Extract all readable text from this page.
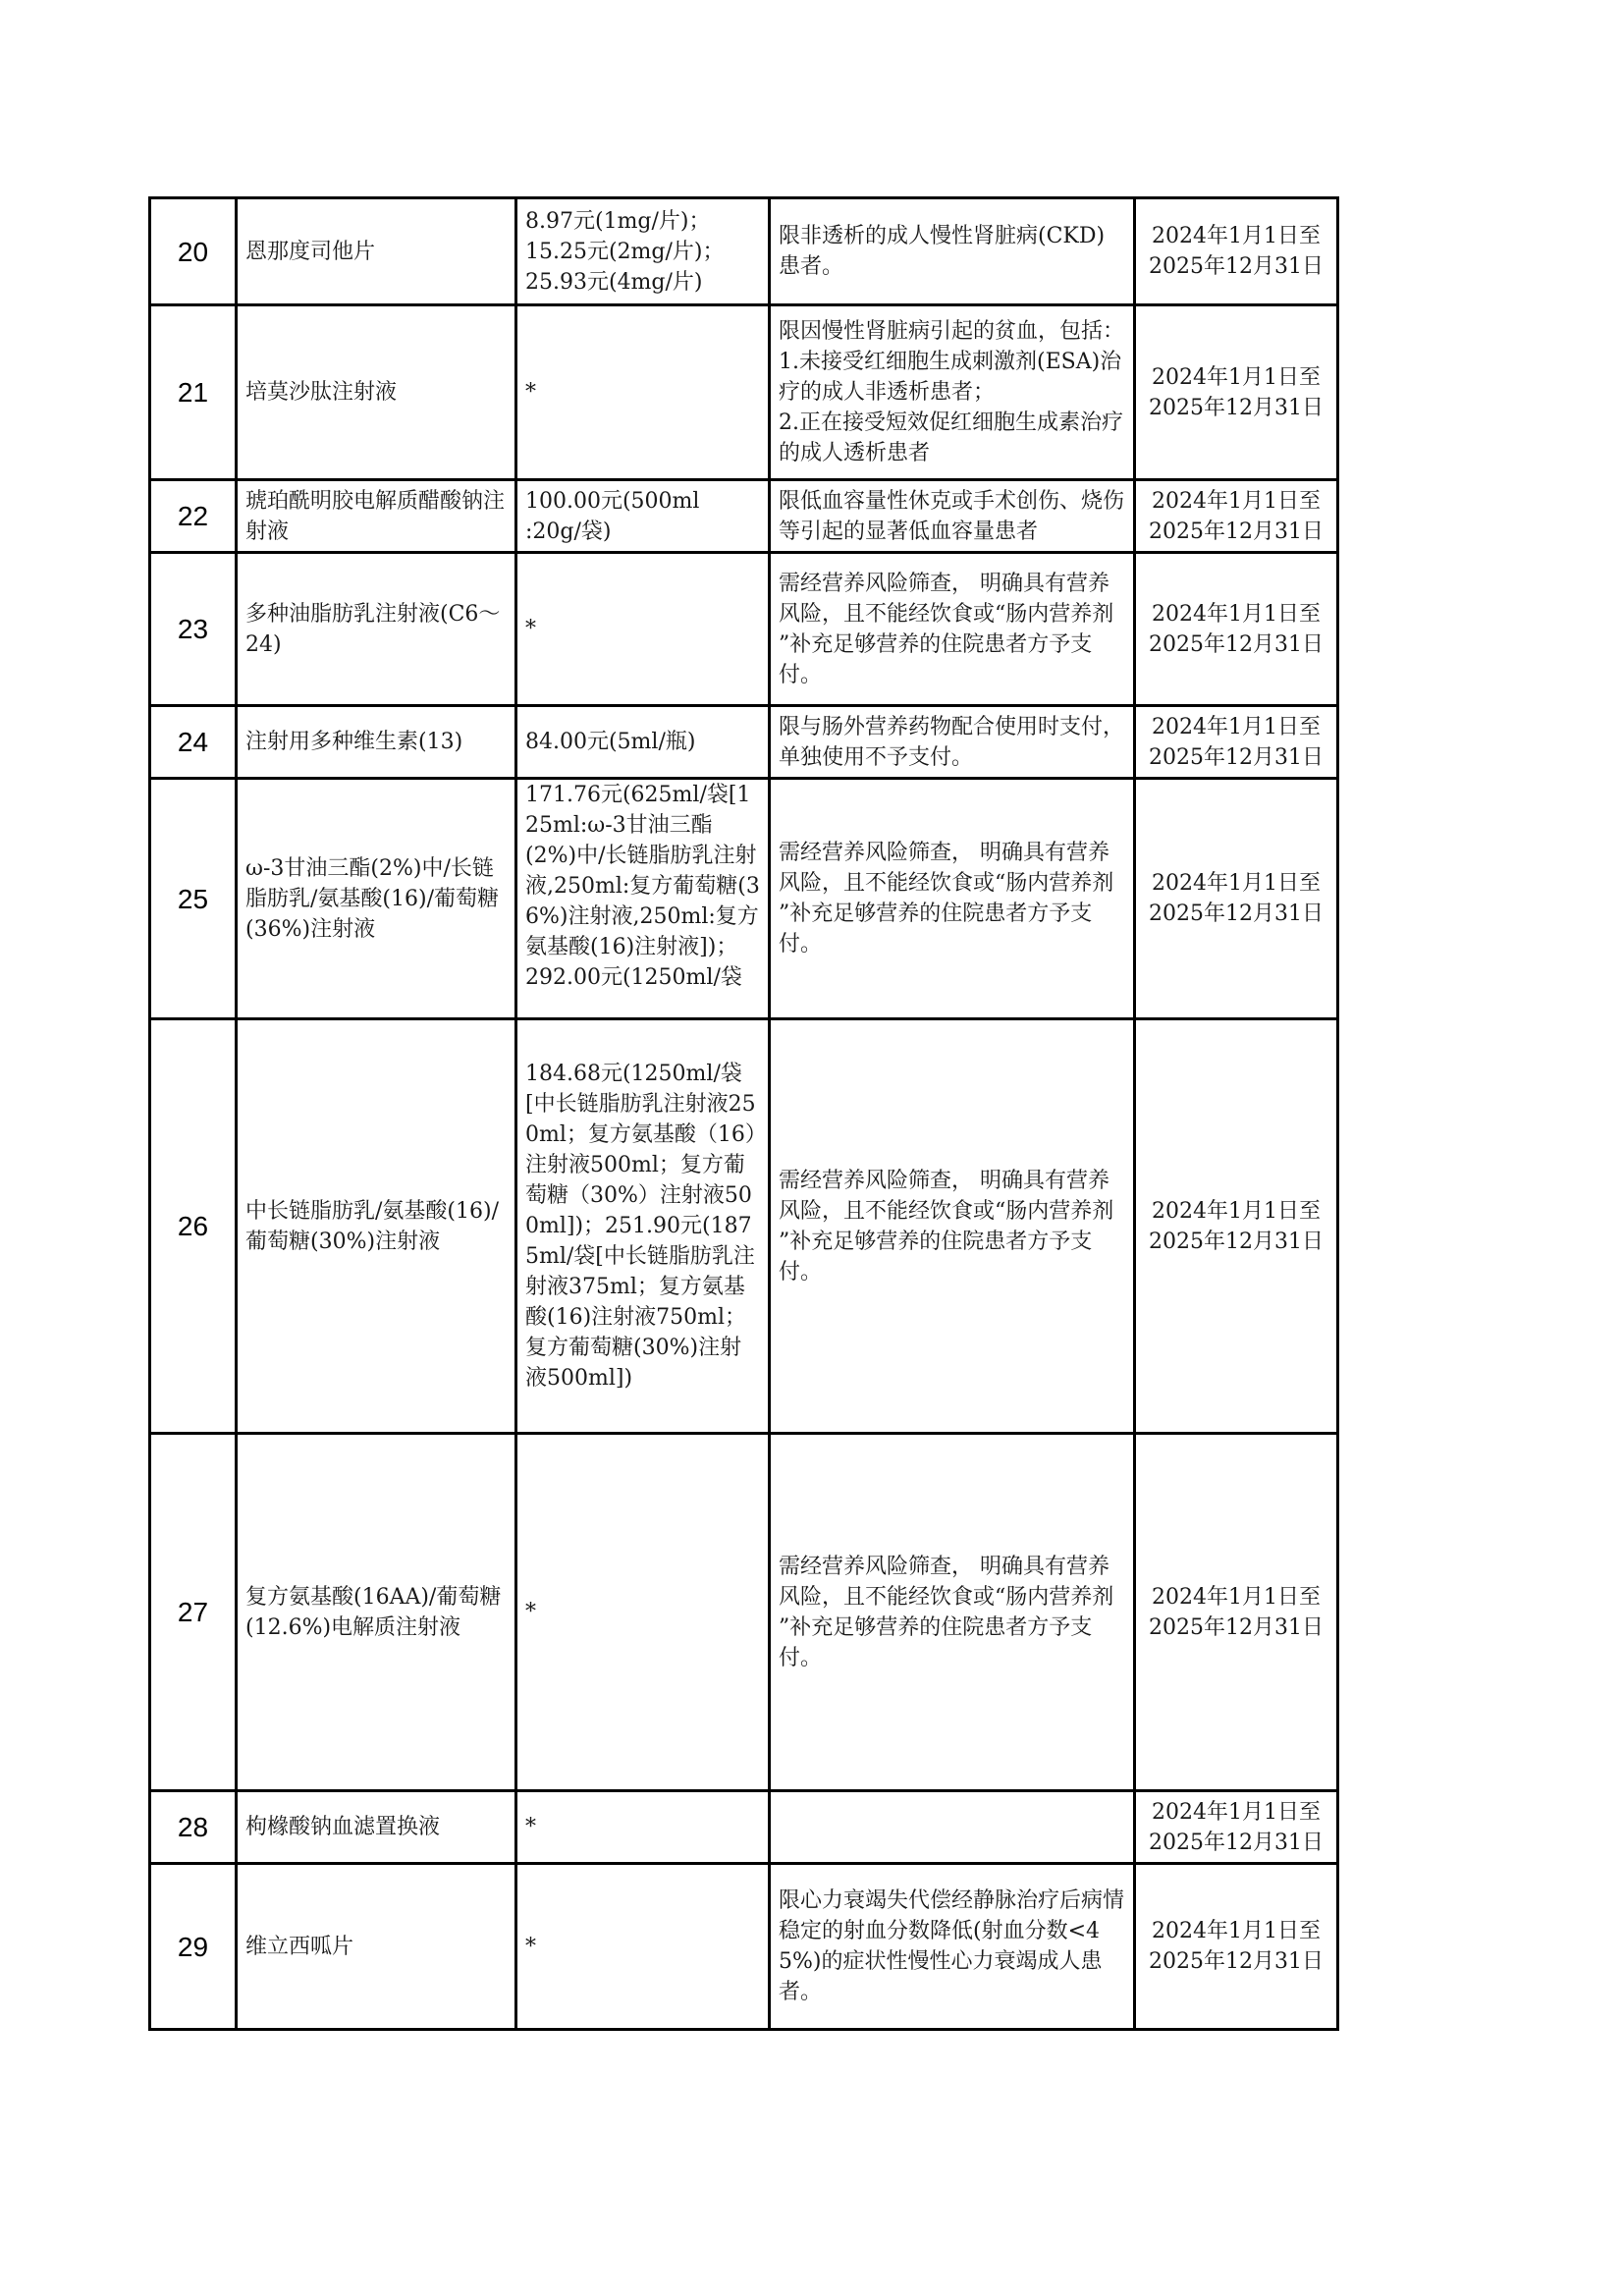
20	恩那度司他片	8.97元(1mg/片)；
15.25元(2mg/片)；
25.93元(4mg/片)	限非透析的成人慢性肾脏病(CKD)患者。	2024年1月1日至
2025年12月31日
21	培莫沙肽注射液	*	限因慢性肾脏病引起的贫血，包括：1.未接受红细胞生成刺激剂(ESA)治疗的成人非透析患者；
2.正在接受短效促红细胞生成素治疗的成人透析患者	2024年1月1日至
2025年12月31日
22	琥珀酰明胶电解质醋酸钠注射液	100.00元(500ml
:20g/袋)	限低血容量性休克或手术创伤、烧伤等引起的显著低血容量患者	2024年1月1日至
2025年12月31日
23	多种油脂肪乳注射液(C6～24)	*	需经营养风险筛查， 明确具有营养风险，且不能经饮食或“肠内营养剂 ”补充足够营养的住院患者方予支付。	2024年1月1日至
2025年12月31日
24	注射用多种维生素(13)	84.00元(5ml/瓶)	限与肠外营养药物配合使用时支付，单独使用不予支付。	2024年1月1日至
2025年12月31日
25	ω-3甘油三酯(2%)中/长链脂肪乳/氨基酸(16)/葡萄糖(36%)注射液	171.76元(625ml/袋[125ml:ω-3甘油三酯(2%)中/长链脂肪乳注射液,250ml:复方葡萄糖(36%)注射液,250ml:复方氨基酸(16)注射液])；
292.00元(1250ml/袋	需经营养风险筛查， 明确具有营养风险，且不能经饮食或“肠内营养剂 ”补充足够营养的住院患者方予支付。	2024年1月1日至
2025年12月31日
26	中长链脂肪乳/氨基酸(16)/葡萄糖(30%)注射液	184.68元(1250ml/袋[中长链脂肪乳注射液250ml；复方氨基酸（16）注射液500ml；复方葡萄糖（30%）注射液500ml])；251.90元(1875ml/袋[中长链脂肪乳注射液375ml；复方氨基酸(16)注射液750ml；复方葡萄糖(30%)注射液500ml])	需经营养风险筛查， 明确具有营养风险，且不能经饮食或“肠内营养剂 ”补充足够营养的住院患者方予支付。	2024年1月1日至
2025年12月31日
27	复方氨基酸(16AA)/葡萄糖(12.6%)电解质注射液	*	需经营养风险筛查， 明确具有营养风险，且不能经饮食或“肠内营养剂 ”补充足够营养的住院患者方予支付。	2024年1月1日至
2025年12月31日
28	枸橼酸钠血滤置换液	*		2024年1月1日至
2025年12月31日
29	维立西呱片	*	限心力衰竭失代偿经静脉治疗后病情稳定的射血分数降低(射血分数<45%)的症状性慢性心力衰竭成人患者。	2024年1月1日至
2025年12月31日
